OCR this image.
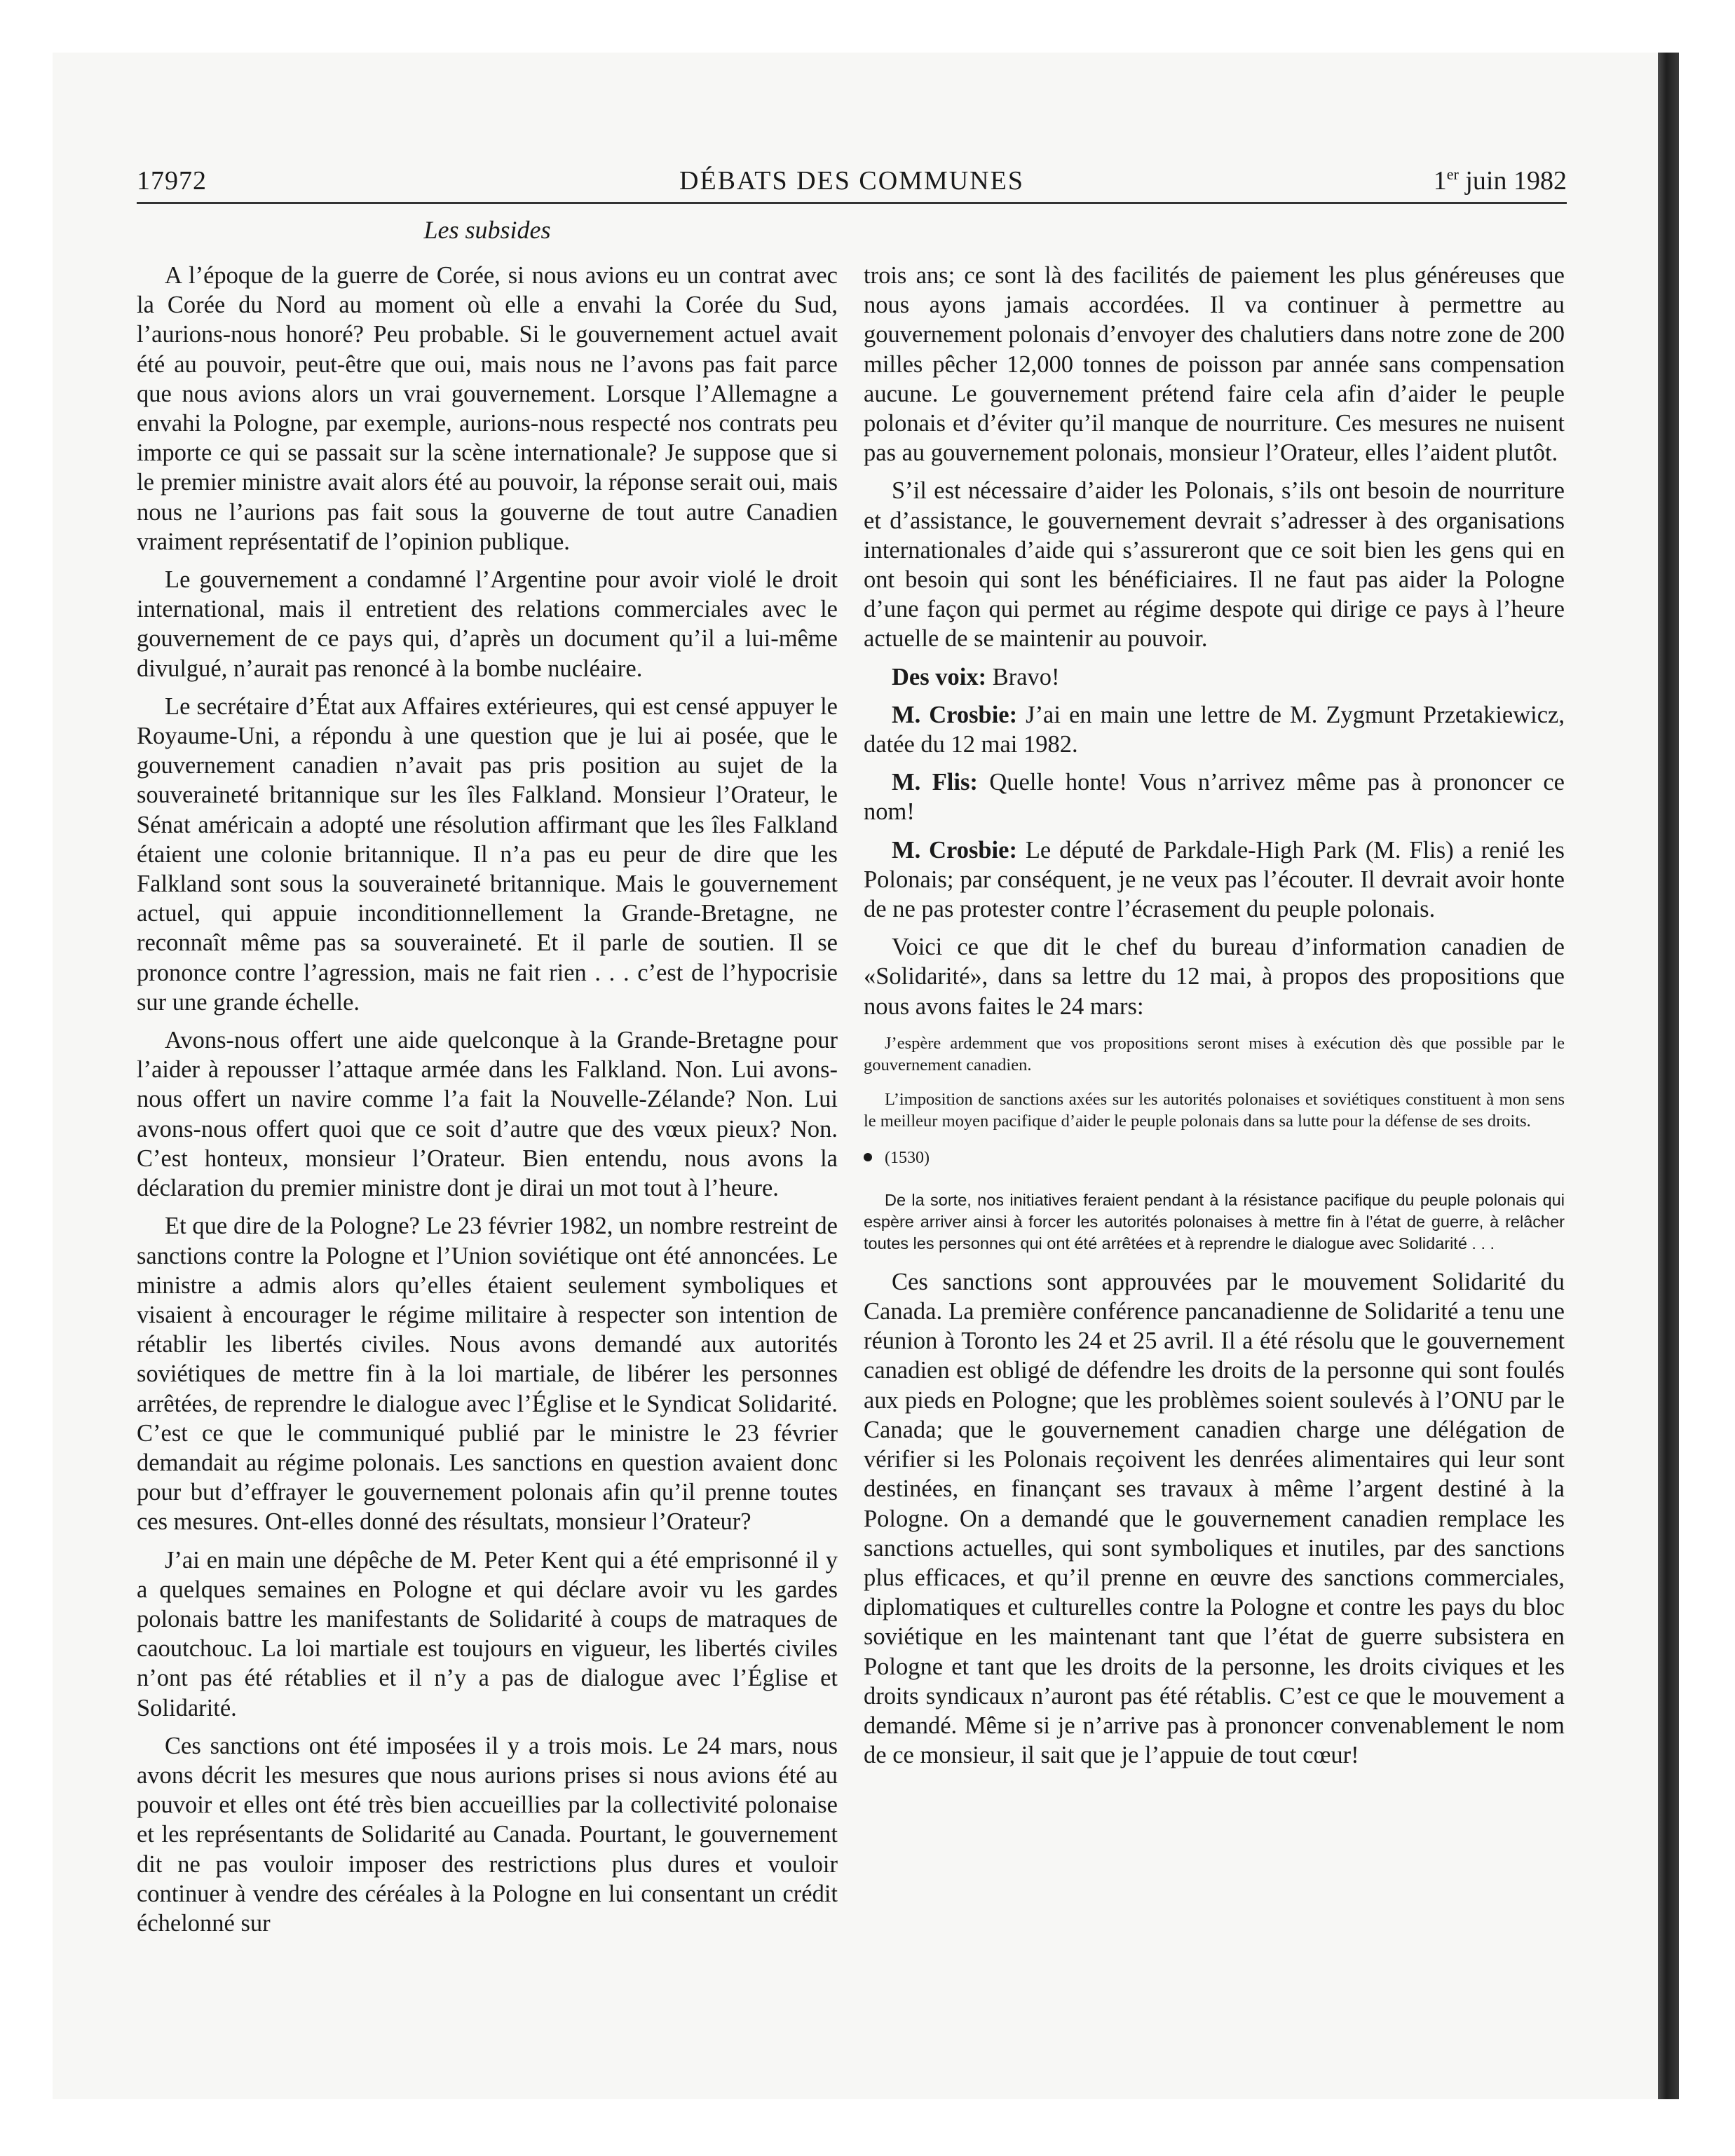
17972	DÉBATS DES COMMUNES	1er juin 1982
Les subsides

A l’époque de la guerre de Corée, si nous avions eu un contrat avec la Corée du Nord au moment où elle a envahi la Corée du Sud, l’aurions-nous honoré? Peu probable. Si le gouvernement actuel avait été au pouvoir, peut-être que oui, mais nous ne l’avons pas fait parce que nous avions alors un vrai gouvernement. Lorsque l’Allemagne a envahi la Pologne, par exemple, aurions-nous respecté nos contrats peu importe ce qui se passait sur la scène internationale? Je suppose que si le premier ministre avait alors été au pouvoir, la réponse serait oui, mais nous ne l’aurions pas fait sous la gouverne de tout autre Canadien vraiment représentatif de l’opinion publique.

Le gouvernement a condamné l’Argentine pour avoir violé le droit international, mais il entretient des relations commerciales avec le gouvernement de ce pays qui, d’après un document qu’il a lui-même divulgué, n’aurait pas renoncé à la bombe nucléaire.

Le secrétaire d’État aux Affaires extérieures, qui est censé appuyer le Royaume-Uni, a répondu à une question que je lui ai posée, que le gouvernement canadien n’avait pas pris position au sujet de la souveraineté britannique sur les îles Falkland. Monsieur l’Orateur, le Sénat américain a adopté une résolution affirmant que les îles Falkland étaient une colonie britannique. Il n’a pas eu peur de dire que les Falkland sont sous la souveraineté britannique. Mais le gouvernement actuel, qui appuie inconditionnellement la Grande-Bretagne, ne reconnaît même pas sa souveraineté. Et il parle de soutien. Il se prononce contre l’agression, mais ne fait rien . . . c’est de l’hypocrisie sur une grande échelle.

Avons-nous offert une aide quelconque à la Grande-Bretagne pour l’aider à repousser l’attaque armée dans les Falkland. Non. Lui avons-nous offert un navire comme l’a fait la Nouvelle-Zélande? Non. Lui avons-nous offert quoi que ce soit d’autre que des vœux pieux? Non. C’est honteux, monsieur l’Orateur. Bien entendu, nous avons la déclaration du premier ministre dont je dirai un mot tout à l’heure.

Et que dire de la Pologne? Le 23 février 1982, un nombre restreint de sanctions contre la Pologne et l’Union soviétique ont été annoncées. Le ministre a admis alors qu’elles étaient seulement symboliques et visaient à encourager le régime militaire à respecter son intention de rétablir les libertés civiles. Nous avons demandé aux autorités soviétiques de mettre fin à la loi martiale, de libérer les personnes arrêtées, de reprendre le dialogue avec l’Église et le Syndicat Solidarité. C’est ce que le communiqué publié par le ministre le 23 février demandait au régime polonais. Les sanctions en question avaient donc pour but d’effrayer le gouvernement polonais afin qu’il prenne toutes ces mesures. Ont-elles donné des résultats, monsieur l’Orateur?

J’ai en main une dépêche de M. Peter Kent qui a été emprisonné il y a quelques semaines en Pologne et qui déclare avoir vu les gardes polonais battre les manifestants de Solidarité à coups de matraques de caoutchouc. La loi martiale est toujours en vigueur, les libertés civiles n’ont pas été rétablies et il n’y a pas de dialogue avec l’Église et Solidarité.

Ces sanctions ont été imposées il y a trois mois. Le 24 mars, nous avons décrit les mesures que nous aurions prises si nous avions été au pouvoir et elles ont été très bien accueillies par la collectivité polonaise et les représentants de Solidarité au Canada. Pourtant, le gouvernement dit ne pas vouloir imposer des restrictions plus dures et vouloir continuer à vendre des céréales à la Pologne en lui consentant un crédit échelonné sur

trois ans; ce sont là des facilités de paiement les plus généreuses que nous ayons jamais accordées. Il va continuer à permettre au gouvernement polonais d’envoyer des chalutiers dans notre zone de 200 milles pêcher 12,000 tonnes de poisson par année sans compensation aucune. Le gouvernement prétend faire cela afin d’aider le peuple polonais et d’éviter qu’il manque de nourriture. Ces mesures ne nuisent pas au gouvernement polonais, monsieur l’Orateur, elles l’aident plutôt.

S’il est nécessaire d’aider les Polonais, s’ils ont besoin de nourriture et d’assistance, le gouvernement devrait s’adresser à des organisations internationales d’aide qui s’assureront que ce soit bien les gens qui en ont besoin qui sont les bénéficiaires. Il ne faut pas aider la Pologne d’une façon qui permet au régime despote qui dirige ce pays à l’heure actuelle de se maintenir au pouvoir.

Des voix: Bravo!

M. Crosbie: J’ai en main une lettre de M. Zygmunt Przetakiewicz, datée du 12 mai 1982.

M. Flis: Quelle honte! Vous n’arrivez même pas à prononcer ce nom!

M. Crosbie: Le député de Parkdale-High Park (M. Flis) a renié les Polonais; par conséquent, je ne veux pas l’écouter. Il devrait avoir honte de ne pas protester contre l’écrasement du peuple polonais.

Voici ce que dit le chef du bureau d’information canadien de «Solidarité», dans sa lettre du 12 mai, à propos des propositions que nous avons faites le 24 mars:

J’espère ardemment que vos propositions seront mises à exécution dès que possible par le gouvernement canadien.
L’imposition de sanctions axées sur les autorités polonaises et soviétiques constituent à mon sens le meilleur moyen pacifique d’aider le peuple polonais dans sa lutte pour la défense de ses droits.
(1530)
De la sorte, nos initiatives feraient pendant à la résistance pacifique du peuple polonais qui espère arriver ainsi à forcer les autorités polonaises à mettre fin à l’état de guerre, à relâcher toutes les personnes qui ont été arrêtées et à reprendre le dialogue avec Solidarité . . .

Ces sanctions sont approuvées par le mouvement Solidarité du Canada. La première conférence pancanadienne de Solidarité a tenu une réunion à Toronto les 24 et 25 avril. Il a été résolu que le gouvernement canadien est obligé de défendre les droits de la personne qui sont foulés aux pieds en Pologne; que les problèmes soient soulevés à l’ONU par le Canada; que le gouvernement canadien charge une délégation de vérifier si les Polonais reçoivent les denrées alimentaires qui leur sont destinées, en finançant ses travaux à même l’argent destiné à la Pologne. On a demandé que le gouvernement canadien remplace les sanctions actuelles, qui sont symboliques et inutiles, par des sanctions plus efficaces, et qu’il prenne en œuvre des sanctions commerciales, diplomatiques et culturelles contre la Pologne et contre les pays du bloc soviétique en les maintenant tant que l’état de guerre subsistera en Pologne et tant que les droits de la personne, les droits civiques et les droits syndicaux n’auront pas été rétablis. C’est ce que le mouvement a demandé. Même si je n’arrive pas à prononcer convenablement le nom de ce monsieur, il sait que je l’appuie de tout cœur!
